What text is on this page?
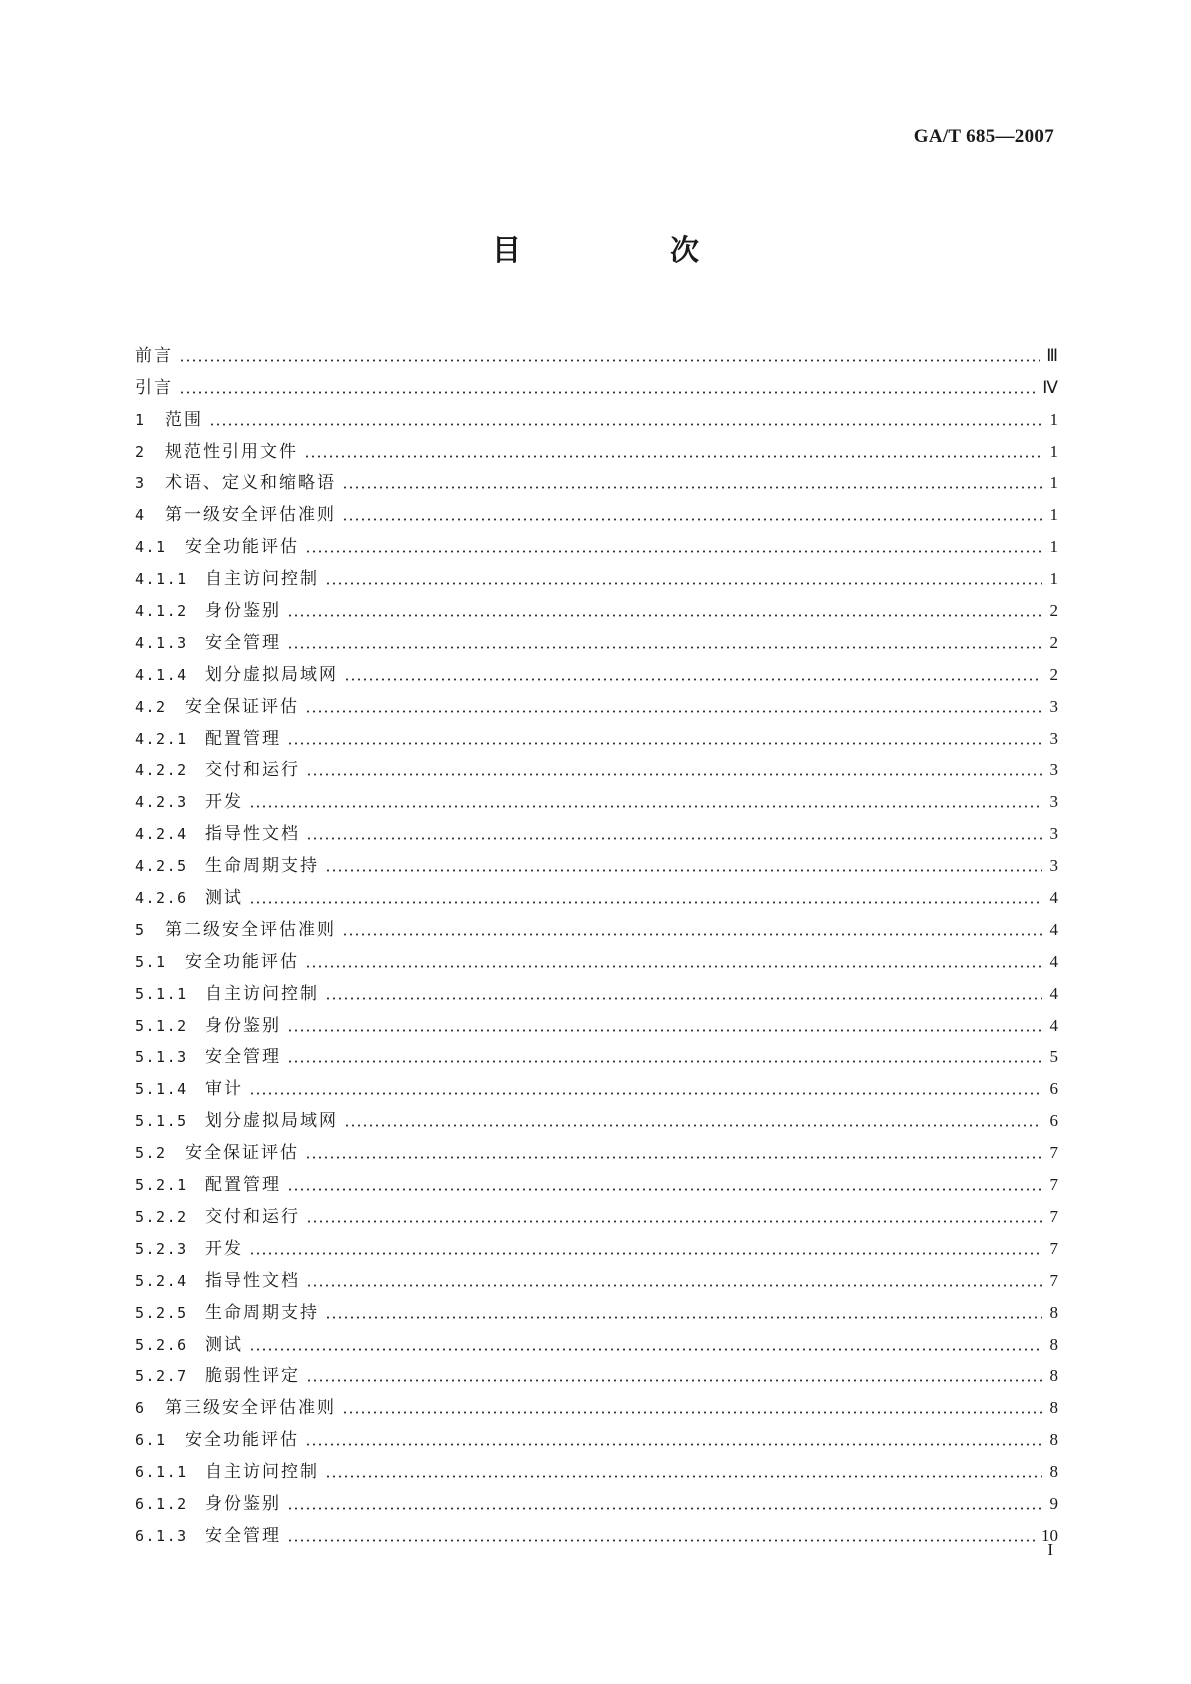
GA/T 685—2007
目　次
前言	Ⅲ
引言	Ⅳ
1	范围	1
2	规范性引用文件	1
3	术语、定义和缩略语	1
4	第一级安全评估准则	1
4.1	安全功能评估	1
4.1.1	自主访问控制	1
4.1.2	身份鉴别	2
4.1.3	安全管理	2
4.1.4	划分虚拟局域网	2
4.2	安全保证评估	3
4.2.1	配置管理	3
4.2.2	交付和运行	3
4.2.3	开发	3
4.2.4	指导性文档	3
4.2.5	生命周期支持	3
4.2.6	测试	4
5	第二级安全评估准则	4
5.1	安全功能评估	4
5.1.1	自主访问控制	4
5.1.2	身份鉴别	4
5.1.3	安全管理	5
5.1.4	审计	6
5.1.5	划分虚拟局域网	6
5.2	安全保证评估	7
5.2.1	配置管理	7
5.2.2	交付和运行	7
5.2.3	开发	7
5.2.4	指导性文档	7
5.2.5	生命周期支持	8
5.2.6	测试	8
5.2.7	脆弱性评定	8
6	第三级安全评估准则	8
6.1	安全功能评估	8
6.1.1	自主访问控制	8
6.1.2	身份鉴别	9
6.1.3	安全管理	10
I
